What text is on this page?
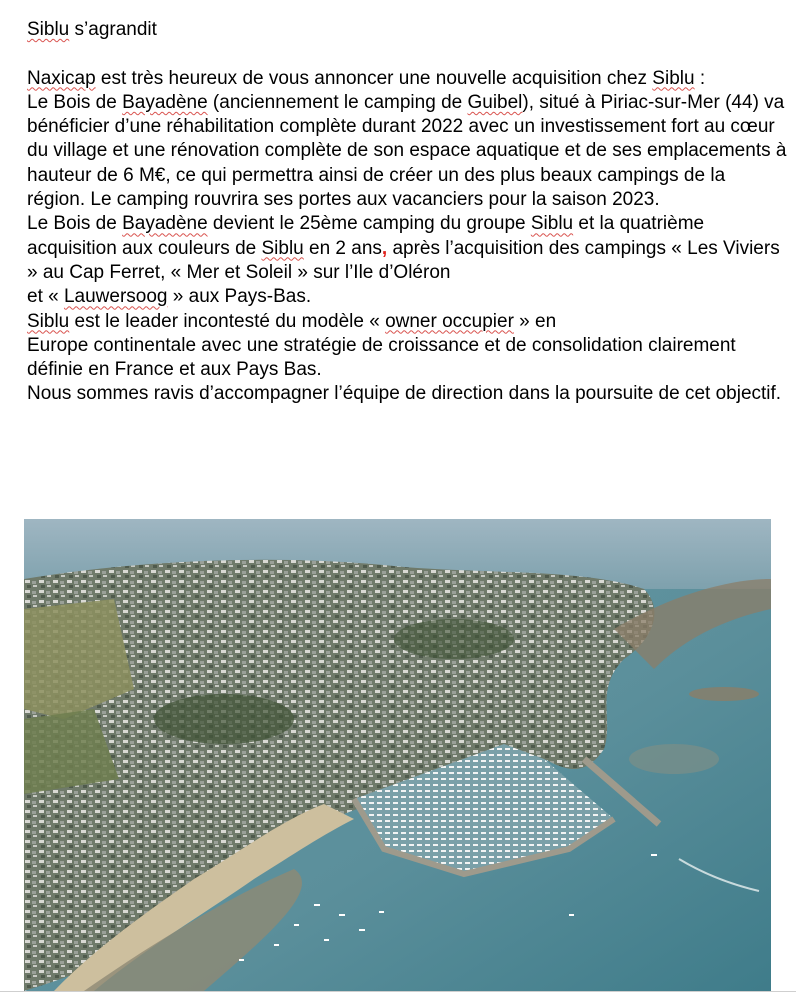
Siblu s’agrandit

Naxicap est très heureux de vous annoncer une nouvelle acquisition chez Siblu :
Le Bois de Bayadène (anciennement le camping de Guibel), situé à Piriac-sur-Mer (44) va bénéficier d’une réhabilitation complète durant 2022 avec un investissement fort au cœur du village et une rénovation complète de son espace aquatique et de ses emplacements à hauteur de 6 M€, ce qui permettra ainsi de créer un des plus beaux campings de la région. Le camping rouvrira ses portes aux vacanciers pour la saison 2023.

Le Bois de Bayadène devient le 25ème camping du groupe Siblu et la quatrième acquisition aux couleurs de Siblu en 2 ans, après l’acquisition des campings « Les Viviers » au Cap Ferret, « Mer et Soleil » sur l’Ile d’Oléron
et « Lauwersoog » aux Pays-Bas.

Siblu est le leader incontesté du modèle « owner occupier » en
Europe continentale avec une stratégie de croissance et de consolidation clairement définie en France et aux Pays Bas.

Nous sommes ravis d’accompagner l’équipe de direction dans la poursuite de cet objectif.
